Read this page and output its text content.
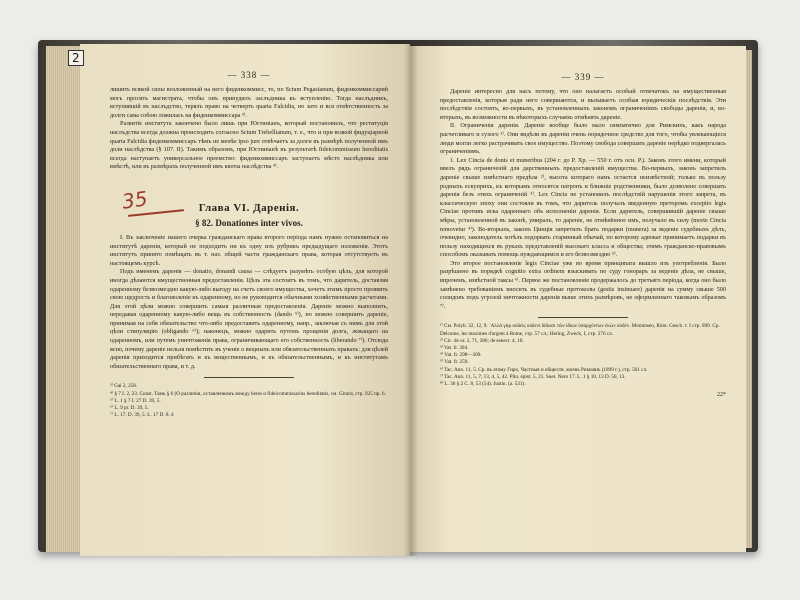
— 338 —

лишить всякой силы возложенный на него фидеикоммисс, то, по Sctum Pegasianum, фидеикоммиссарий могь просить магистрата, чтобы онъ принудилъ заслъдника къ вступленію. Тогда наслъдникъ, вступившій въ наслъдство, терялъ право на четверть quarta Falcidia, но зато и вся отвѣтственность за долги сама собою ложилась на фидеикоммиссара ³⁾.

Развитіе института закончено было лишь при Юстиніанъ, который постановилъ, что реституція наслъдства всегда должна происходить согласно Sctum Trebellianum, т. е., что и при всякой фидуціарной quarta Falcidia фидеикоммиссаръ тѣмъ не менѣе ipso jure отвѣчаетъ за долги въ размѣрѣ полученной имъ доли наслѣдства (§ 107. II). Такимъ образомъ, при Юстиніанѣ въ результатѣ fideicommissum hereditatis всегда наступаетъ универсальное преемство: фидеикоммиссаръ заступаетъ мѣсто наслѣдника или вмѣстѣ, или въ размѣрахъ полученной имъ квоты наслѣдства ⁴⁾.

35	Глава VI. Даренія.
§ 82. Donationes inter vivos.

I. Въ заключеніе нашего очерка гражданскаго права второго періода намъ нужно остановиться на институтѣ даренія, который не подходитъ ни къ одну изъ рубрикъ предыдущаго изложенія. Этотъ институтъ принято помѣщать въ т. наз. общей части гражданскаго права, которая отсутствуетъ въ настоящемъ курсѣ.

Подъ именемъ даренія — donatio, donandi causa — слѣдуетъ разумѣть особую цѣль, для которой иногда дѣлаются имущественныя предоставленія. Цѣль эта состоитъ въ томъ, что даритель, доставляя одаренному безвозмездно какую-либо выгоду на счетъ своего имущества, хочетъ этимъ просто проявить свою щедрость и благоволеніе къ одаренному, но не руководится обычными хозяйственными расчетами. Для этой цѣли можно совершить самыя различныя предоставленія. Дареніе можно выполнить, передавая одаренному какую-либо вещь въ собственность (dando ⁵⁾), но можно совершить дареніе, принимая на себя обязательство что-либо предоставить одаренному, напр., заключая съ нимъ для этой цѣли стипуляцію (obligando ⁶⁾); наконецъ, можно одарить путемъ прощенія долга, лежащаго на одаренномъ, или путемъ уничтоженія права, ограничивающаго его собственность (liberando ⁷⁾). Отсюда ясно, почему дареніе нельзя помѣстить въ ученіе о вещныхъ или обязательственныхъ правахъ: для цѣлей даренія приходится прибѣгать и къ вещественнымъ, и къ обязательственнымъ, и къ институтамъ обязательственнаго права, и т. д.

³⁾ Gai 2, 258.
⁴⁾ § 7 I. 2, 23. Const. Тамъ § 6 (О различіи, оставленномъ между heres и fideicommissarius hereditatis, см. Girard, стр. 925 пр. 6.
⁵⁾ L. 1 § 7 I. 27 D. 39, 5.
⁶⁾ L. 9 pr. D. 39, 5.
⁷⁾ L. 17. D. 39, 5. L. 17 D. 8. 4
— 339 —

Дареніе интересно для насъ потому, что оно налагаетъ особый отпечатокъ на имущественныя предоставленія, которыя ради него совершаются, и вызываетъ особыя юридическія послѣдствія. Эти послѣдствія состоятъ, во-первыхъ, въ установленныхъ закономъ ограниченіяхъ свободы даренія, и, во-вторыхъ, въ возможности въ нѣкоторыхъ случаяхъ отмѣнять дареніе.

II. Ограниченія даренія. Дареніе вообще было мало симпатично для Римскихъ, какъ народа расчетливаго и сухого ¹⁾. Они видѣли въ дареніи очень порядочное средство для того, чтобы увлекающіеся люди могли легко растрачивать свое имущество. Поэтому свобода совершать дареніе нерѣдко подвергалась ограниченіямъ.

1. Lex Cincia de donis et muneribus (204 г. до Р. Хр. — 550 г. отъ осн. Р.). Законъ этого имени, который ввелъ рядъ ограниченій для дарственныхъ предоставленій имущества. Во-первыхъ, законъ запретилъ дареніе свыше извѣстнаго предѣла ²⁾, высота котораго намъ остается неизвѣстной; только въ пользу родныхъ ескуприхъ, къ которымъ относятся патронъ и ближніе родственники, было дозволено совершать даренія безъ этихъ ограниченій ³⁾. Lex Cincia не установилъ послѣдствій нарушенія этого запрета, въ классическую эпоху они состояли въ томъ, что даритель получалъ введенную преторомъ exceptio legis Cinciae противъ иска одареннаго объ исполненіи даренія. Если даритель, совершившій дареніе свыше мѣры, установленной въ законѣ, умиралъ, то дареніе, не отмѣнённое имъ, получало въ силу (morte Cincia removetur ⁴⁾). Во-вторыхъ, законъ Цинція запретилъ брать подарки (munera) за веденіе судебныхъ дѣлъ, очевидно, законодатель хотѣлъ подорвать старинный обычай, по которому адвокат принимаетъ подарки въ пользу находящихся въ рукахъ представленій высокаго класса и общества; этимъ гражданско-правовымъ способомъ оказывать помощь нуждающимся и его безвозмездно ⁵⁾.

Это второе постановленіе legis Cinciae уже во время принципата вышло изъ употребленія. Было разрѣшено въ порядкѣ cognitio extra ordinem взыскивать по суду гонораръ за веденіе дѣла, не свыше, впрочемъ, извѣстной таксы ⁶⁾. Первое же постановленіе продержалось до третьяго періода, когда оно было замѣнено требованіемъ вносить въ судебные протоколы (gestis insinuare) даренія на сумму свыше 500 солидовъ подъ угрозой ничтожности даренія выше этихъ размѣровъ, не оформленнаго таковымъ образомъ ⁷⁾.

¹⁾ См. Polyb. 32, 12, 9. ᾽Αλλὰ γὰρ οὐδεὶς οὐδενὶ δίδωσι τῶν ἰδίων ὑπαρχόντων ἑκὼν οὐδέν. Mommsen, Röm. Gesch. т. I стр. 890. Ср. Delcume, les maximes d'argent à Rome, стр. 57 сл.; Hering, Zweck, I, стр. 276 сл.
²⁾ Cic. de or. 2, 71, 286; de senect. 4, 10.
³⁾ Vat. fr. 304.
⁴⁾ Vat. fr. 298—309.
⁵⁾ Vat. fr. 259.
⁶⁾ Tac. Ann. 11, 5. Ср. въ атому Гиро, Частныя и обществ. жизнь Римлянъ (1899 г.), стр. 561 сл.
⁷⁾ Tac. Ann. 11, 5, 7; 13, 4, 5, 42. Plin. epist. 5, 21. Suet. Nero 17. L. 1 § 10, 13 D. 50, 13.
⁸⁾ L. 36 § 2 C. 8, 53 (54). Justin. (a. 531).
22*
2
